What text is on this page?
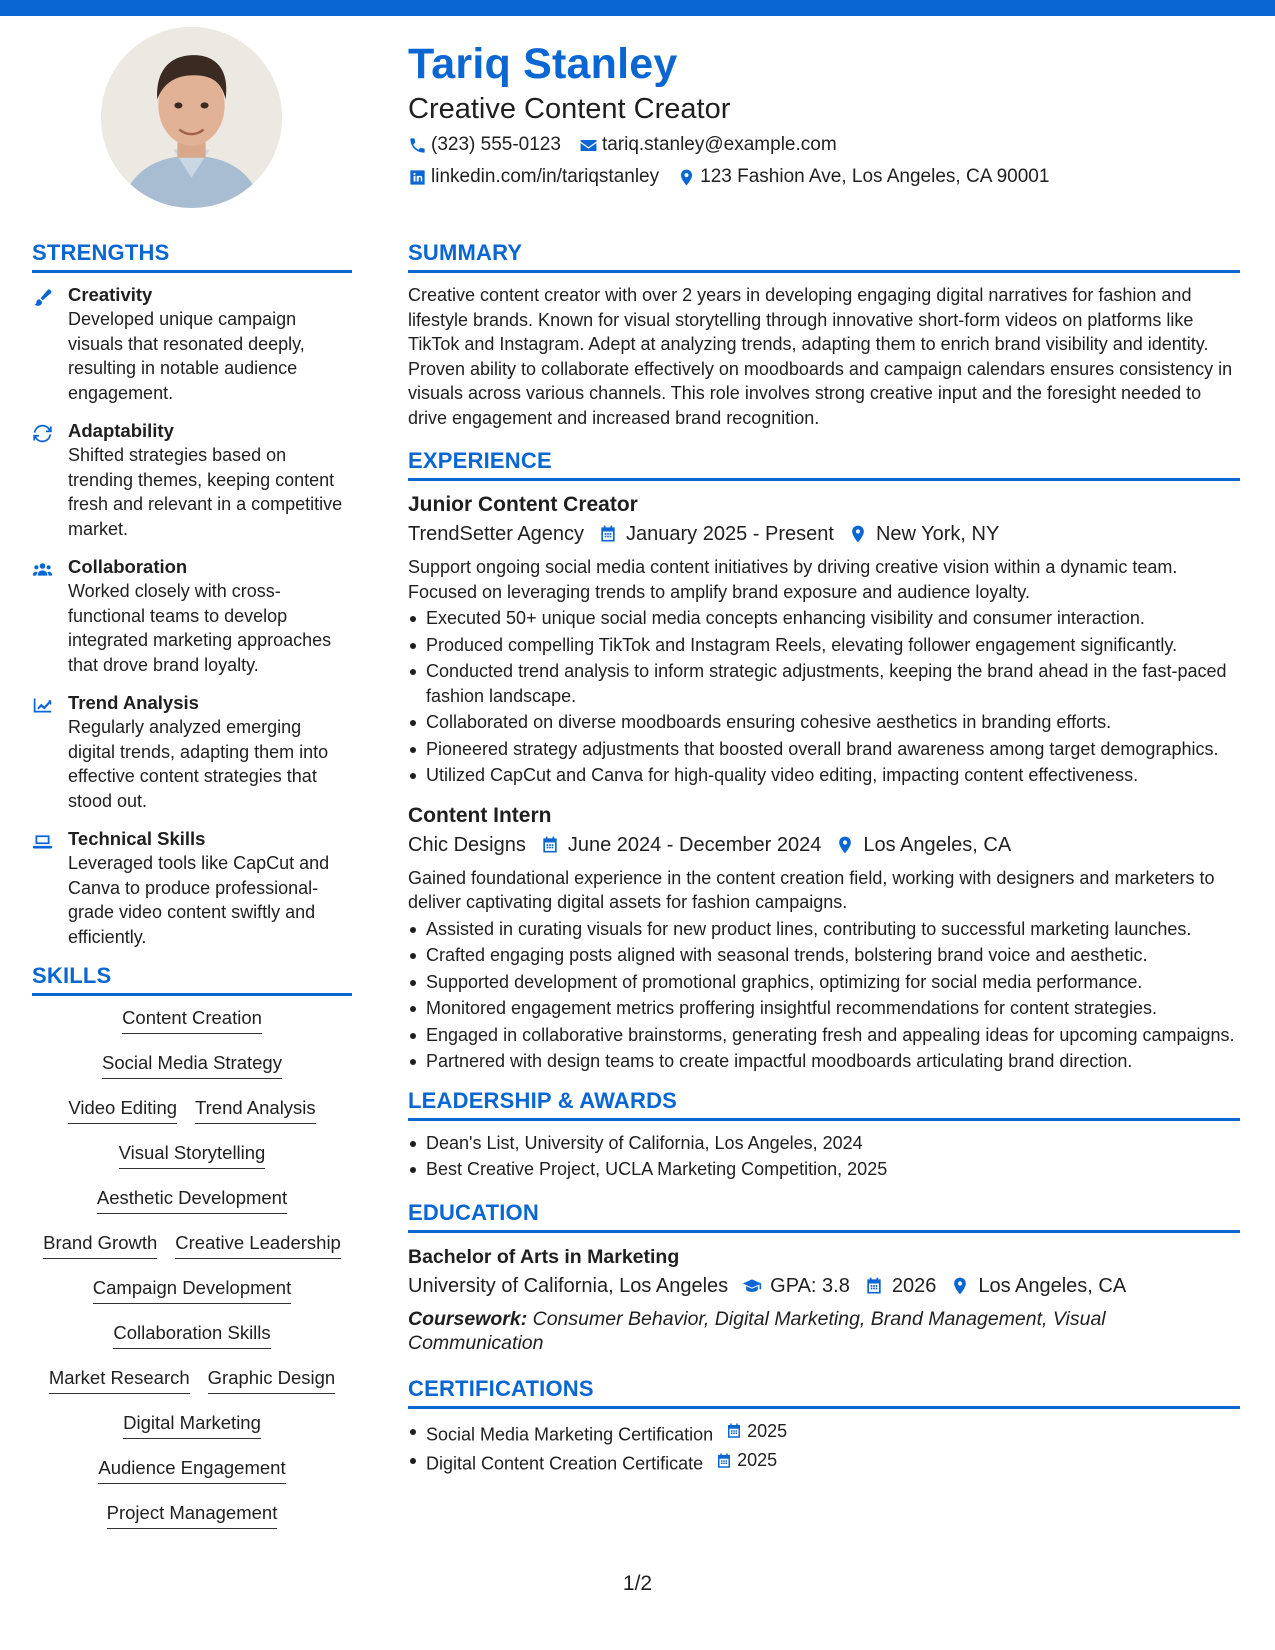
Tariq Stanley
Creative Content Creator
(323) 555-0123 tariq.stanley@example.com
linkedin.com/in/tariqstanley 123 Fashion Ave, Los Angeles, CA 90001
STRENGTHS
Creativity
Developed unique campaign visuals that resonated deeply, resulting in notable audience engagement.
Adaptability
Shifted strategies based on trending themes, keeping content fresh and relevant in a competitive market.
Collaboration
Worked closely with cross-functional teams to develop integrated marketing approaches that drove brand loyalty.
Trend Analysis
Regularly analyzed emerging digital trends, adapting them into effective content strategies that stood out.
Technical Skills
Leveraged tools like CapCut and Canva to produce professional-grade video content swiftly and efficiently.
SKILLS
Content Creation
Social Media Strategy
Video Editing Trend Analysis
Visual Storytelling
Aesthetic Development
Brand Growth Creative Leadership
Campaign Development
Collaboration Skills
Market Research Graphic Design
Digital Marketing
Audience Engagement
Project Management
SUMMARY
Creative content creator with over 2 years in developing engaging digital narratives for fashion and lifestyle brands. Known for visual storytelling through innovative short-form videos on platforms like TikTok and Instagram. Adept at analyzing trends, adapting them to enrich brand visibility and identity. Proven ability to collaborate effectively on moodboards and campaign calendars ensures consistency in visuals across various channels. This role involves strong creative input and the foresight needed to drive engagement and increased brand recognition.
EXPERIENCE
Junior Content Creator
TrendSetter Agency January 2025 - Present New York, NY
Support ongoing social media content initiatives by driving creative vision within a dynamic team. Focused on leveraging trends to amplify brand exposure and audience loyalty.
Executed 50+ unique social media concepts enhancing visibility and consumer interaction.
Produced compelling TikTok and Instagram Reels, elevating follower engagement significantly.
Conducted trend analysis to inform strategic adjustments, keeping the brand ahead in the fast-paced fashion landscape.
Collaborated on diverse moodboards ensuring cohesive aesthetics in branding efforts.
Pioneered strategy adjustments that boosted overall brand awareness among target demographics.
Utilized CapCut and Canva for high-quality video editing, impacting content effectiveness.
Content Intern
Chic Designs June 2024 - December 2024 Los Angeles, CA
Gained foundational experience in the content creation field, working with designers and marketers to deliver captivating digital assets for fashion campaigns.
Assisted in curating visuals for new product lines, contributing to successful marketing launches.
Crafted engaging posts aligned with seasonal trends, bolstering brand voice and aesthetic.
Supported development of promotional graphics, optimizing for social media performance.
Monitored engagement metrics proffering insightful recommendations for content strategies.
Engaged in collaborative brainstorms, generating fresh and appealing ideas for upcoming campaigns.
Partnered with design teams to create impactful moodboards articulating brand direction.
LEADERSHIP & AWARDS
Dean's List, University of California, Los Angeles, 2024
Best Creative Project, UCLA Marketing Competition, 2025
EDUCATION
Bachelor of Arts in Marketing
University of California, Los Angeles GPA: 3.8 2026 Los Angeles, CA
Coursework: Consumer Behavior, Digital Marketing, Brand Management, Visual Communication
CERTIFICATIONS
Social Media Marketing Certification 2025
Digital Content Creation Certificate 2025
1/2
